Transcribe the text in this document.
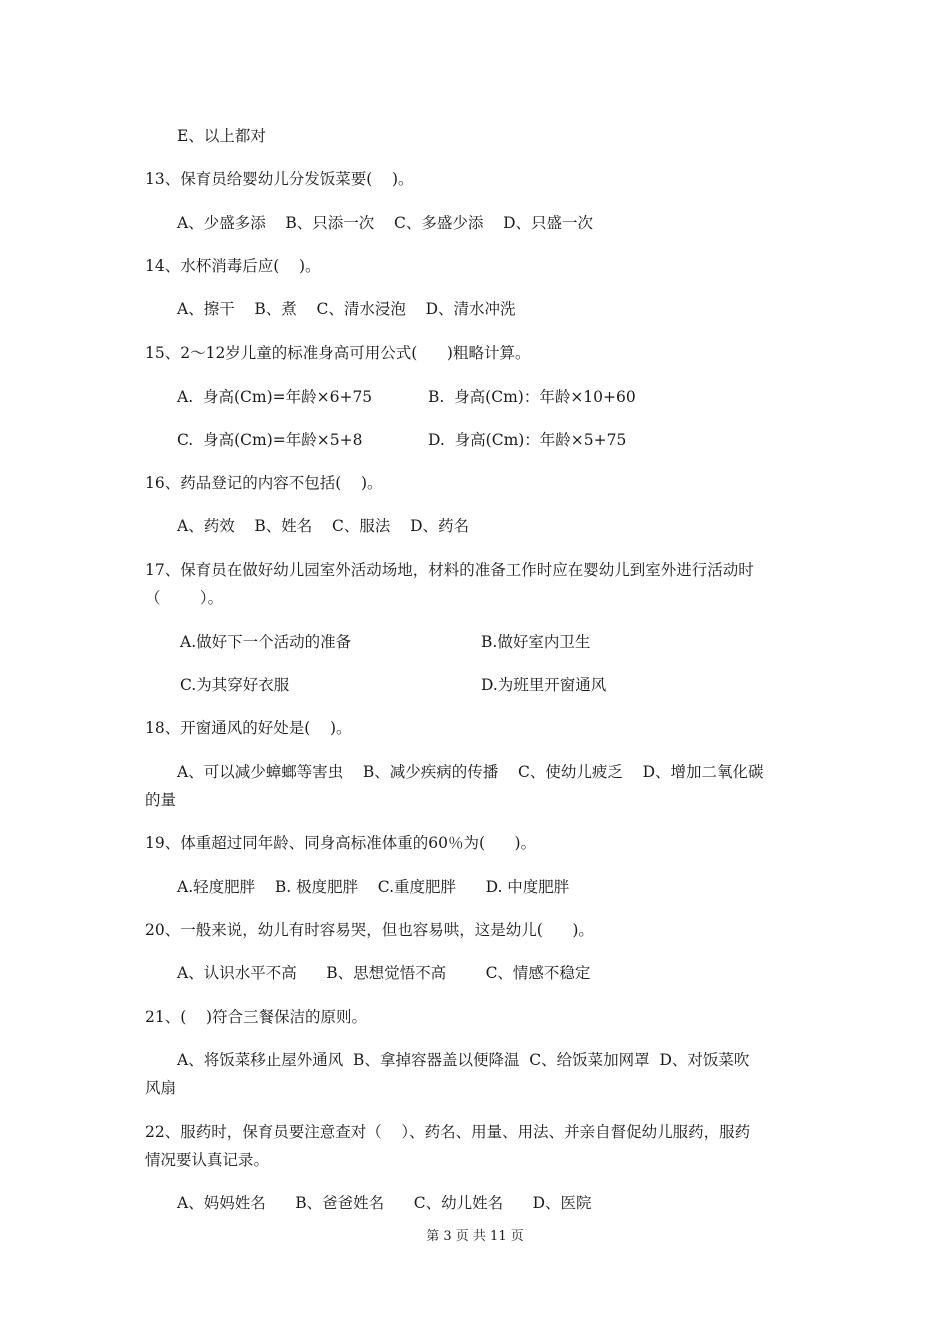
E、以上都对

13、保育员给婴幼儿分发饭菜要(    )。

A、少盛多添    B、只添一次    C、多盛少添    D、只盛一次

14、水杯消毒后应(    )。

A、擦干    B、煮    C、清水浸泡    D、清水冲洗

15、2～12岁儿童的标准身高可用公式(      )粗略计算。

A.  身高(Cm)=年龄×6+75	B.  身高(Cm)：年龄×10+60

C.  身高(Cm)=年龄×5+8	D.  身高(Cm)：年龄×5+75

16、药品登记的内容不包括(    )。

A、药效    B、姓名    C、服法    D、药名

17、保育员在做好幼儿园室外活动场地，材料的准备工作时应在婴幼儿到室外进行活动时

（        ）。

A.做好下一个活动的准备	B.做好室内卫生

C.为其穿好衣服	D.为班里开窗通风

18、开窗通风的好处是(    )。

A、可以减少蟑螂等害虫    B、减少疾病的传播    C、使幼儿疲乏    D、增加二氧化碳

的量

19、体重超过同年龄、同身高标准体重的60％为(      )。

A.轻度肥胖    B. 极度肥胖    C.重度肥胖      D. 中度肥胖

20、一般来说，幼儿有时容易哭，但也容易哄，这是幼儿(      )。

A、认识水平不高      B、思想觉悟不高        C、情感不稳定

21、(    )符合三餐保洁的原则。

A、将饭菜移止屋外通风  B、拿掉容器盖以便降温  C、给饭菜加网罩  D、对饭菜吹

风扇

22、服药时，保育员要注意查对（    ）、药名、用量、用法、并亲自督促幼儿服药，服药

情况要认真记录。

A、妈妈姓名      B、爸爸姓名      C、幼儿姓名      D、医院

第 3 页 共 11 页
